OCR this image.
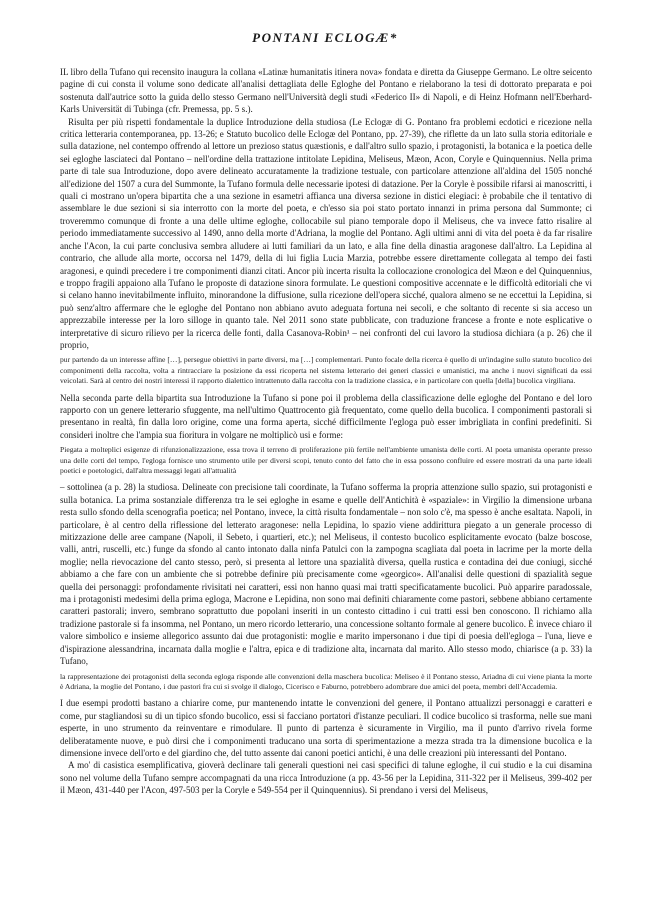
PONTANI ECLOGÆ*

IL libro della Tufano qui recensito inaugura la collana «Latinæ humanitatis itinera nova» fondata e diretta da Giuseppe Germano. Le oltre seicento pagine di cui consta il volume sono dedicate all'analisi dettagliata delle Egloghe del Pontano e rielaborano la tesi di dottorato preparata e poi sostenuta dall'autrice sotto la guida dello stesso Germano nell'Università degli studi «Federico II» di Napoli, e di Heinz Hofmann nell'Eberhard-Karls Universität di Tubinga (cfr. Premessa, pp. 5 s.).

Risulta per più rispetti fondamentale la duplice Introduzione della studiosa (Le Eclogæ di G. Pontano fra problemi ecdotici e ricezione nella critica letteraria contemporanea, pp. 13-26; e Statuto bucolico delle Eclogæ del Pontano, pp. 27-39), che riflette da un lato sulla storia editoriale e sulla datazione, nel contempo offrendo al lettore un prezioso status quæstionis, e dall'altro sullo spazio, i protagonisti, la botanica e la poetica delle sei egloghe lasciateci dal Pontano – nell'ordine della trattazione intitolate Lepidina, Meliseus, Mæon, Acon, Coryle e Quinquennius. Nella prima parte di tale sua Introduzione, dopo avere delineato accuratamente la tradizione testuale, con particolare attenzione all'aldina del 1505 nonché all'edizione del 1507 a cura del Summonte, la Tufano formula delle necessarie ipotesi di datazione. Per la Coryle è possibile rifarsi ai manoscritti, i quali ci mostrano un'opera bipartita che a una sezione in esametri affianca una diversa sezione in distici elegiaci: è probabile che il tentativo di assemblare le due sezioni si sia interrotto con la morte del poeta, e ch'esso sia poi stato portato innanzi in prima persona dal Summonte; ci troveremmo comunque di fronte a una delle ultime egloghe, collocabile sul piano temporale dopo il Meliseus, che va invece fatto risalire al periodo immediatamente successivo al 1490, anno della morte d'Adriana, la moglie del Pontano. Agli ultimi anni di vita del poeta è da far risalire anche l'Acon, la cui parte conclusiva sembra alludere ai lutti familiari da un lato, e alla fine della dinastia aragonese dall'altro. La Lepidina al contrario, che allude alla morte, occorsa nel 1479, della di lui figlia Lucia Marzia, potrebbe essere direttamente collegata al tempo dei fasti aragonesi, e quindi precedere i tre componimenti dianzi citati. Ancor più incerta risulta la collocazione cronologica del Mæon e del Quinquennius, e troppo fragili appaiono alla Tufano le proposte di datazione sinora formulate. Le questioni compositive accennate e le difficoltà editoriali che vi si celano hanno inevitabilmente influito, minorandone la diffusione, sulla ricezione dell'opera sicché, qualora almeno se ne eccettui la Lepidina, si può senz'altro affermare che le egloghe del Pontano non abbiano avuto adeguata fortuna nei secoli, e che soltanto di recente si sia acceso un apprezzabile interesse per la loro silloge in quanto tale. Nel 2011 sono state pubblicate, con traduzione francese a fronte e note esplicative o interpretative di sicuro rilievo per la ricerca delle fonti, dalla Casanova-Robin¹ – nei confronti del cui lavoro la studiosa dichiara (a p. 26) che il proprio,

pur partendo da un interesse affine […], persegue obiettivi in parte diversi, ma […] complementari. Punto focale della ricerca è quello di un'indagine sullo statuto bucolico dei componimenti della raccolta, volta a rintracciare la posizione da essi ricoperta nel sistema letterario dei generi classici e umanistici, ma anche i nuovi significati da essi veicolati. Sarà al centro dei nostri interessi il rapporto dialettico intrattenuto dalla raccolta con la tradizione classica, e in particolare con quella [della] bucolica virgiliana.

Nella seconda parte della bipartita sua Introduzione la Tufano si pone poi il problema della classificazione delle egloghe del Pontano e del loro rapporto con un genere letterario sfuggente, ma nell'ultimo Quattrocento già frequentato, come quello della bucolica. I componimenti pastorali si presentano in realtà, fin dalla loro origine, come una forma aperta, sicché difficilmente l'egloga può esser imbrigliata in confini predefiniti. Si consideri inoltre che l'ampia sua fioritura in volgare ne moltiplicò usi e forme:

Piegata a molteplici esigenze di rifunzionalizzazione, essa trova il terreno di proliferazione più fertile nell'ambiente umanista delle corti. Al poeta umanista operante presso una delle corti del tempo, l'egloga fornisce uno strumento utile per diversi scopi, tenuto conto del fatto che in essa possono confluire ed essere mostrati da una parte ideali poetici e poetologici, dall'altra messaggi legati all'attualità

– sottolinea (a p. 28) la studiosa. Delineate con precisione tali coordinate, la Tufano sofferma la propria attenzione sullo spazio, sui protagonisti e sulla botanica. La prima sostanziale differenza tra le sei egloghe in esame e quelle dell'Antichità è «spaziale»: in Virgilio la dimensione urbana resta sullo sfondo della scenografia poetica; nel Pontano, invece, la città risulta fondamentale – non solo c'è, ma spesso è anche esaltata. Napoli, in particolare, è al centro della riflessione del letterato aragonese: nella Lepidina, lo spazio viene addirittura piegato a un generale processo di mitizzazione delle aree campane (Napoli, il Sebeto, i quartieri, etc.); nel Meliseus, il contesto bucolico esplicitamente evocato (balze boscose, valli, antri, ruscelli, etc.) funge da sfondo al canto intonato dalla ninfa Patulci con la zampogna scagliata dal poeta in lacrime per la morte della moglie; nella rievocazione del canto stesso, però, si presenta al lettore una spazialità diversa, quella rustica e contadina dei due coniugi, sicché abbiamo a che fare con un ambiente che si potrebbe definire più precisamente come «georgico». All'analisi delle questioni di spazialità segue quella dei personaggi: profondamente rivisitati nei caratteri, essi non hanno quasi mai tratti specificatamente bucolici. Può apparire paradossale, ma i protagonisti medesimi della prima egloga, Macrone e Lepidina, non sono mai definiti chiaramente come pastori, sebbene abbiano certamente caratteri pastorali; invero, sembrano soprattutto due popolani inseriti in un contesto cittadino i cui tratti essi ben conoscono. Il richiamo alla tradizione pastorale si fa insomma, nel Pontano, un mero ricordo letterario, una concessione soltanto formale al genere bucolico. È invece chiaro il valore simbolico e insieme allegorico assunto dai due protagonisti: moglie e marito impersonano i due tipi di poesia dell'egloga – l'una, lieve e d'ispirazione alessandrina, incarnata dalla moglie e l'altra, epica e di tradizione alta, incarnata dal marito. Allo stesso modo, chiarisce (a p. 33) la Tufano,

la rappresentazione dei protagonisti della seconda egloga risponde alle convenzioni della maschera bucolica: Meliseo è il Pontano stesso, Ariadna di cui viene pianta la morte è Adriana, la moglie del Pontano, i due pastori fra cui si svolge il dialogo, Cicerisco e Faburno, potrebbero adombrare due amici del poeta, membri dell'Accademia.

I due esempi prodotti bastano a chiarire come, pur mantenendo intatte le convenzioni del genere, il Pontano attualizzi personaggi e caratteri e come, pur stagliandosi su di un tipico sfondo bucolico, essi si facciano portatori d'istanze peculiari. Il codice bucolico si trasforma, nelle sue mani esperte, in uno strumento da reinventare e rimodulare. Il punto di partenza è sicuramente in Virgilio, ma il punto d'arrivo rivela forme deliberatamente nuove, e può dirsi che i componimenti traducano una sorta di sperimentazione a mezza strada tra la dimensione bucolica e la dimensione invece dell'orto e del giardino che, del tutto assente dai canoni poetici antichi, è una delle creazioni più interessanti del Pontano.

A mo' di casistica esemplificativa, gioverà declinare tali generali questioni nei casi specifici di talune egloghe, il cui studio e la cui disamina sono nel volume della Tufano sempre accompagnati da una ricca Introduzione (a pp. 43-56 per la Lepidina, 311-322 per il Meliseus, 399-402 per il Mæon, 431-440 per l'Acon, 497-503 per la Coryle e 549-554 per il Quinquennius). Si prendano i versi del Meliseus,
